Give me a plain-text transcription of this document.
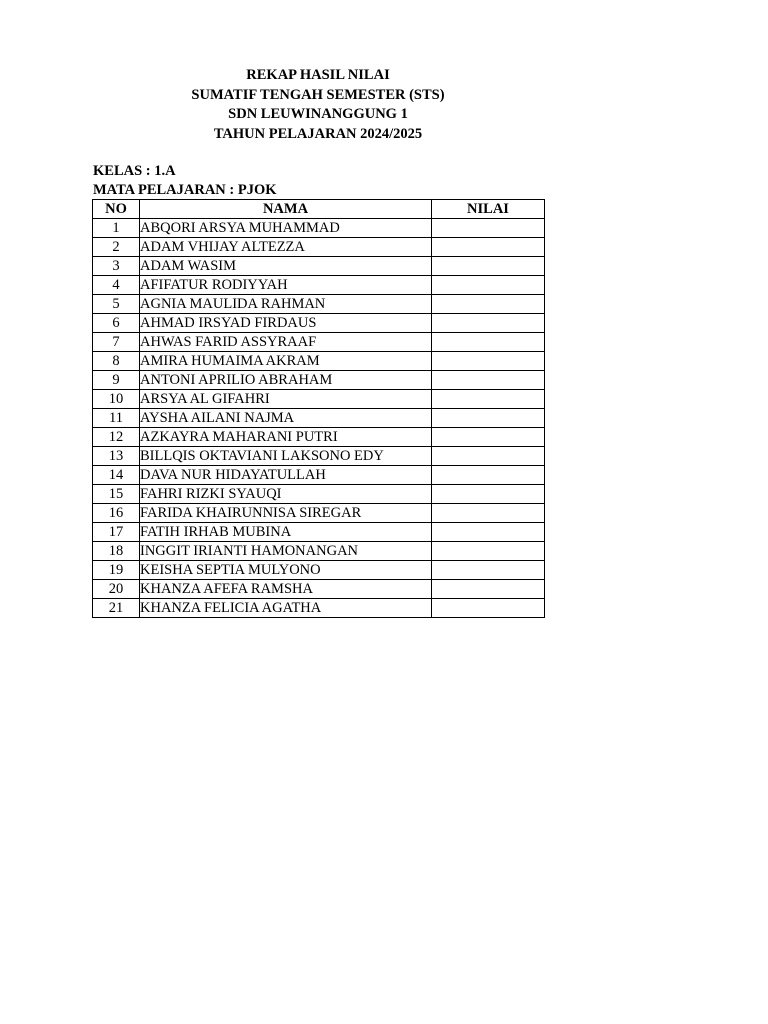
REKAP HASIL NILAI
SUMATIF TENGAH SEMESTER (STS)
SDN LEUWINANGGUNG 1
TAHUN PELAJARAN 2024/2025
KELAS : 1.A
MATA PELAJARAN : PJOK
NO	NAMA	NILAI
1	ABQORI ARSYA MUHAMMAD	
2	ADAM VHIJAY ALTEZZA	
3	ADAM WASIM	
4	AFIFATUR RODIYYAH	
5	AGNIA MAULIDA RAHMAN	
6	AHMAD IRSYAD FIRDAUS	
7	AHWAS FARID ASSYRAAF	
8	AMIRA HUMAIMA AKRAM	
9	ANTONI APRILIO ABRAHAM	
10	ARSYA AL GIFAHRI	
11	AYSHA AILANI NAJMA	
12	AZKAYRA MAHARANI PUTRI	
13	BILLQIS OKTAVIANI LAKSONO EDY	
14	DAVA NUR HIDAYATULLAH	
15	FAHRI RIZKI SYAUQI	
16	FARIDA KHAIRUNNISA SIREGAR	
17	FATIH IRHAB MUBINA	
18	INGGIT IRIANTI HAMONANGAN	
19	KEISHA SEPTIA MULYONO	
20	KHANZA AFEFA RAMSHA	
21	KHANZA FELICIA AGATHA	
